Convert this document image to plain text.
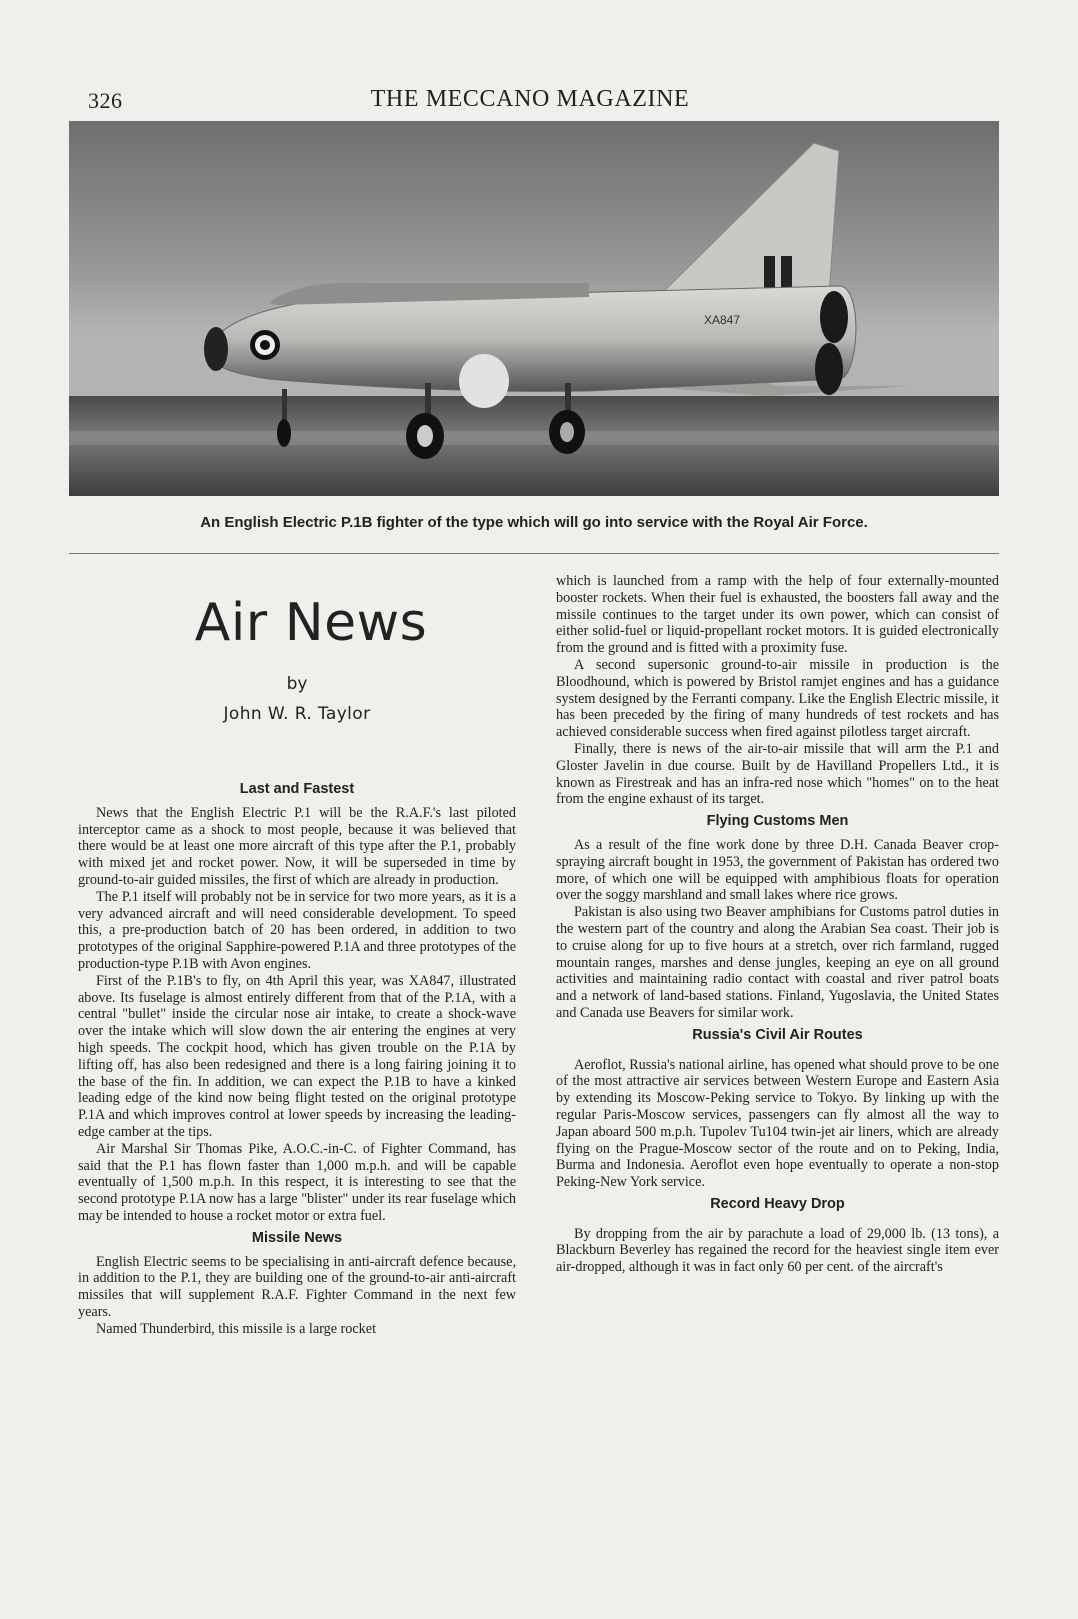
326	THE MECCANO MAGAZINE
XA847
An English Electric P.1B fighter of the type which will go into service with the Royal Air Force.
Air News
by
John W. R. Taylor
Last and Fastest

News that the English Electric P.1 will be the R.A.F.'s last piloted interceptor came as a shock to most people, because it was believed that there would be at least one more aircraft of this type after the P.1, probably with mixed jet and rocket power. Now, it will be superseded in time by ground-to-air guided missiles, the first of which are already in production.

The P.1 itself will probably not be in service for two more years, as it is a very advanced aircraft and will need considerable development. To speed this, a pre-production batch of 20 has been ordered, in addition to two prototypes of the original Sapphire-powered P.1A and three prototypes of the production-type P.1B with Avon engines.

First of the P.1B's to fly, on 4th April this year, was XA847, illustrated above. Its fuselage is almost entirely different from that of the P.1A, with a central "bullet" inside the circular nose air intake, to create a shock-wave over the intake which will slow down the air entering the engines at very high speeds. The cockpit hood, which has given trouble on the P.1A by lifting off, has also been redesigned and there is a long fairing joining it to the base of the fin. In addition, we can expect the P.1B to have a kinked leading edge of the kind now being flight tested on the original prototype P.1A and which improves control at lower speeds by increasing the leading-edge camber at the tips.

Air Marshal Sir Thomas Pike, A.O.C.-in-C. of Fighter Command, has said that the P.1 has flown faster than 1,000 m.p.h. and will be capable eventually of 1,500 m.p.h. In this respect, it is interesting to see that the second prototype P.1A now has a large "blister" under its rear fuselage which may be intended to house a rocket motor or extra fuel.

Missile News

English Electric seems to be specialising in anti-aircraft defence because, in addition to the P.1, they are building one of the ground-to-air anti-aircraft missiles that will supplement R.A.F. Fighter Command in the next few years.

Named Thunderbird, this missile is a large rocket

which is launched from a ramp with the help of four externally-mounted booster rockets. When their fuel is exhausted, the boosters fall away and the missile continues to the target under its own power, which can consist of either solid-fuel or liquid-propellant rocket motors. It is guided electronically from the ground and is fitted with a proximity fuse.

A second supersonic ground-to-air missile in production is the Bloodhound, which is powered by Bristol ramjet engines and has a guidance system designed by the Ferranti company. Like the English Electric missile, it has been preceded by the firing of many hundreds of test rockets and has achieved considerable success when fired against pilotless target aircraft.

Finally, there is news of the air-to-air missile that will arm the P.1 and Gloster Javelin in due course. Built by de Havilland Propellers Ltd., it is known as Firestreak and has an infra-red nose which "homes" on to the heat from the engine exhaust of its target.

Flying Customs Men

As a result of the fine work done by three D.H. Canada Beaver crop-spraying aircraft bought in 1953, the government of Pakistan has ordered two more, of which one will be equipped with amphibious floats for operation over the soggy marshland and small lakes where rice grows.

Pakistan is also using two Beaver amphibians for Customs patrol duties in the western part of the country and along the Arabian Sea coast. Their job is to cruise along for up to five hours at a stretch, over rich farmland, rugged mountain ranges, marshes and dense jungles, keeping an eye on all ground activities and maintaining radio contact with coastal and river patrol boats and a network of land-based stations. Finland, Yugoslavia, the United States and Canada use Beavers for similar work.

Russia's Civil Air Routes

Aeroflot, Russia's national airline, has opened what should prove to be one of the most attractive air services between Western Europe and Eastern Asia by extending its Moscow-Peking service to Tokyo. By linking up with the regular Paris-Moscow services, passengers can fly almost all the way to Japan aboard 500 m.p.h. Tupolev Tu104 twin-jet air liners, which are already flying on the Prague-Moscow sector of the route and on to Peking, India, Burma and Indonesia. Aeroflot even hope eventually to operate a non-stop Peking-New York service.

Record Heavy Drop

By dropping from the air by parachute a load of 29,000 lb. (13 tons), a Blackburn Beverley has regained the record for the heaviest single item ever air-dropped, although it was in fact only 60 per cent. of the aircraft's
